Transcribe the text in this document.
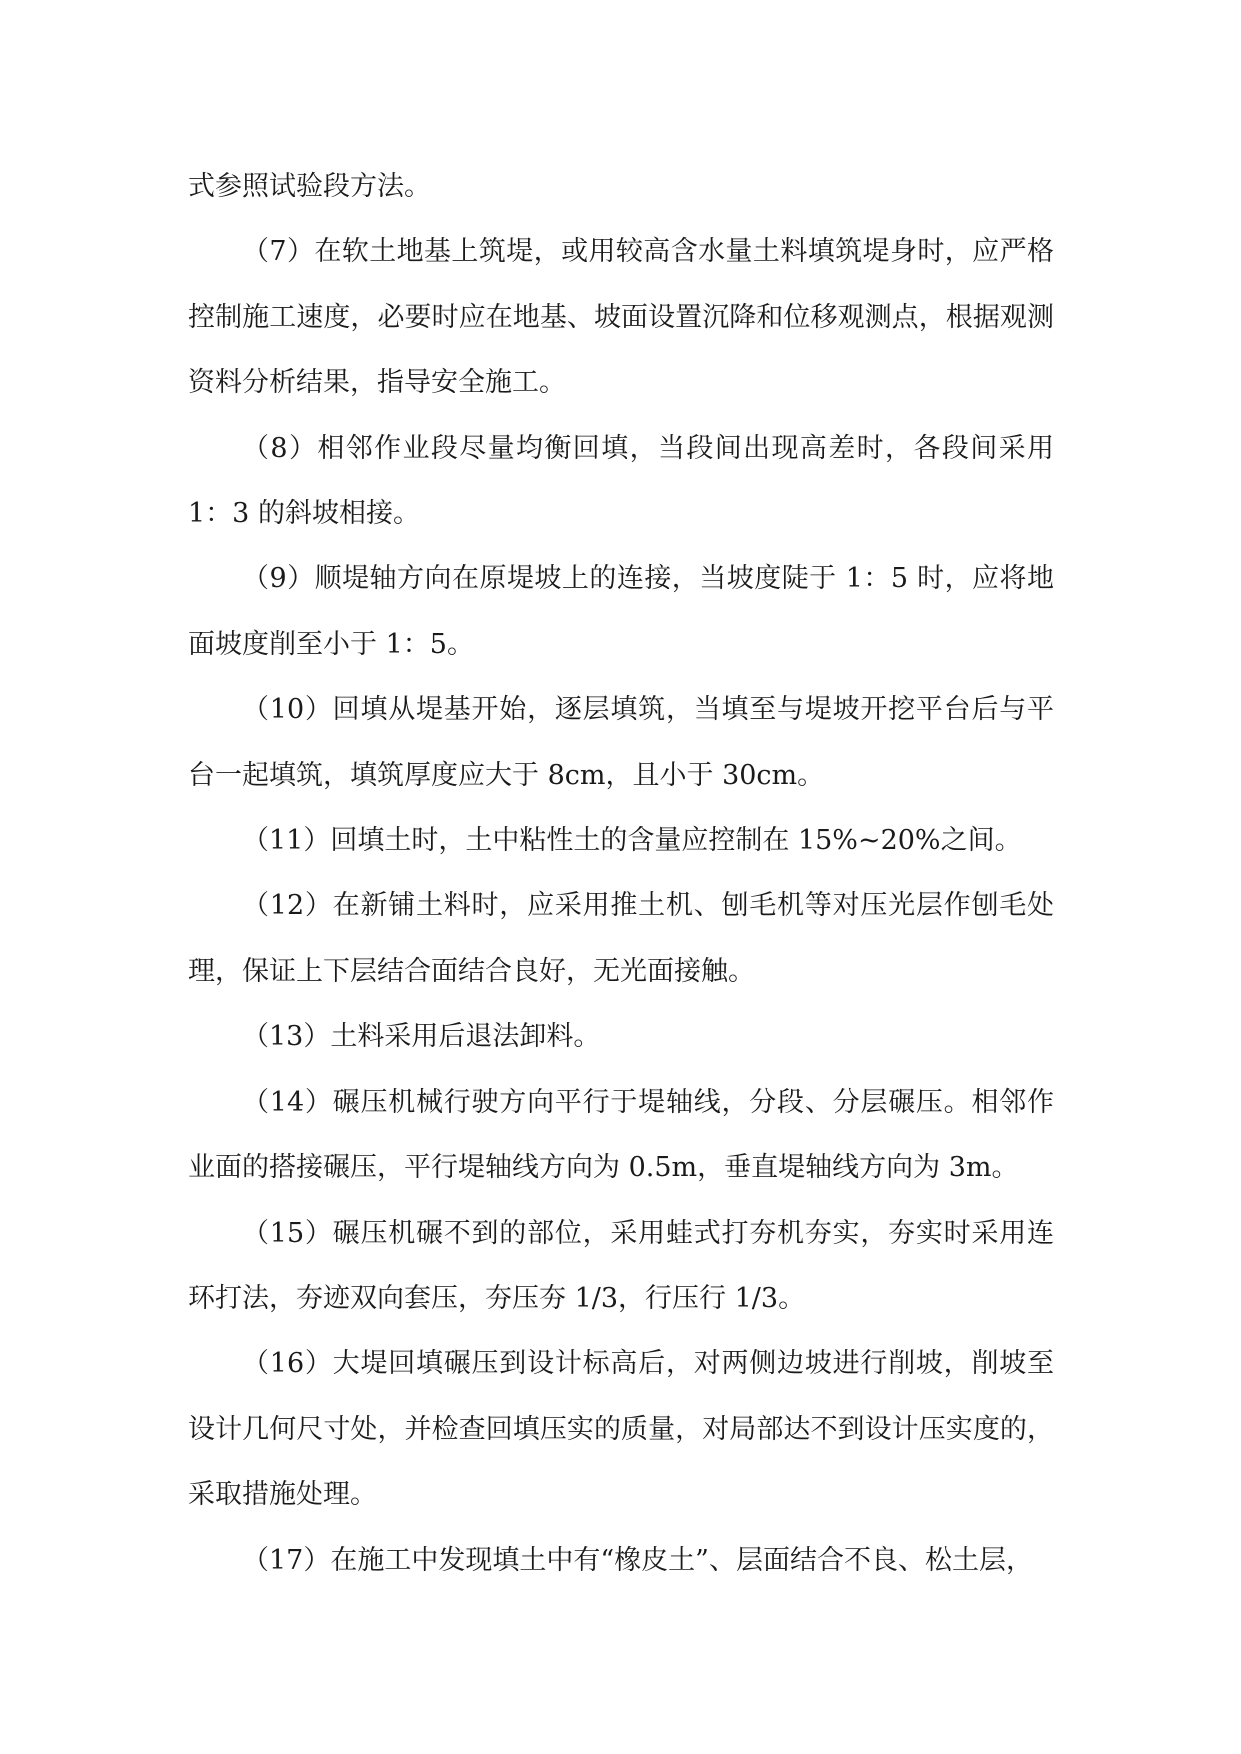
式参照试验段方法。

（7）在软土地基上筑堤，或用较高含水量土料填筑堤身时，应严格控制施工速度，必要时应在地基、坡面设置沉降和位移观测点，根据观测资料分析结果，指导安全施工。

（8）相邻作业段尽量均衡回填，当段间出现高差时，各段间采用1：3 的斜坡相接。

（9）顺堤轴方向在原堤坡上的连接，当坡度陡于 1：5 时，应将地面坡度削至小于 1：5。

（10）回填从堤基开始，逐层填筑，当填至与堤坡开挖平台后与平台一起填筑，填筑厚度应大于 8cm，且小于 30cm。

（11）回填土时，土中粘性土的含量应控制在 15%~20%之间。

（12）在新铺土料时，应采用推土机、刨毛机等对压光层作刨毛处理，保证上下层结合面结合良好，无光面接触。

（13）土料采用后退法卸料。

（14）碾压机械行驶方向平行于堤轴线，分段、分层碾压。相邻作业面的搭接碾压，平行堤轴线方向为 0.5m，垂直堤轴线方向为 3m。

（15）碾压机碾不到的部位，采用蛙式打夯机夯实，夯实时采用连环打法，夯迹双向套压，夯压夯 1/3，行压行 1/3。

（16）大堤回填碾压到设计标高后，对两侧边坡进行削坡，削坡至设计几何尺寸处，并检查回填压实的质量，对局部达不到设计压实度的，采取措施处理。

（17）在施工中发现填土中有“橡皮土”、层面结合不良、松土层，
